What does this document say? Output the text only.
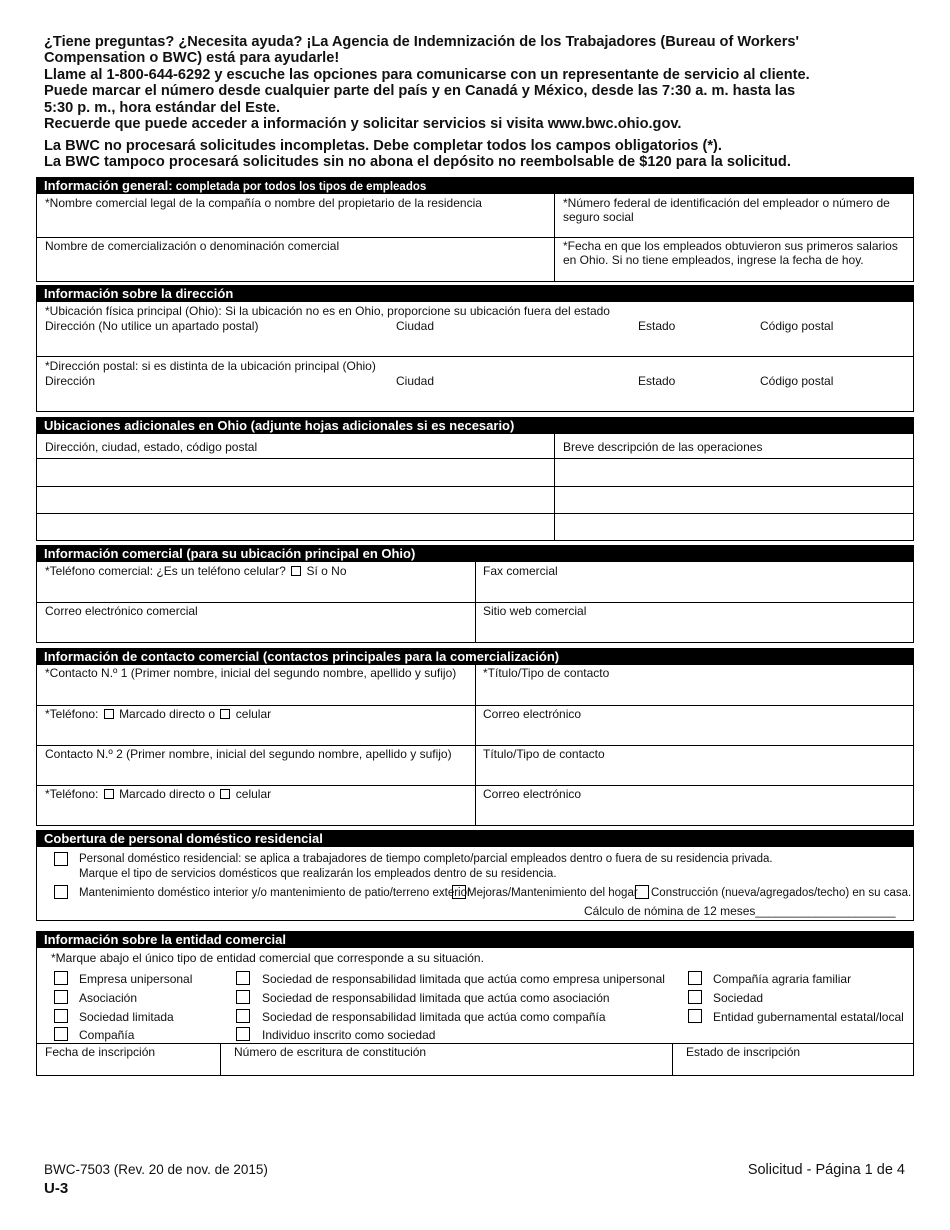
¿Tiene preguntas? ¿Necesita ayuda? ¡La Agencia de Indemnización de los Trabajadores (Bureau of Workers'
Compensation o BWC) está para ayudarle!
Llame al 1-800-644-6292 y escuche las opciones para comunicarse con un representante de servicio al cliente.
Puede marcar el número desde cualquier parte del país y en Canadá y México, desde las 7:30 a. m. hasta las
5:30 p. m., hora estándar del Este.
Recuerde que puede acceder a información y solicitar servicios si visita www.bwc.ohio.gov.
La BWC no procesará solicitudes incompletas. Debe completar todos los campos obligatorios (*).
La BWC tampoco procesará solicitudes sin no abona el depósito no reembolsable de $120 para la solicitud.
Información general: completada por todos los tipos de empleados
*Nombre comercial legal de la compañía o nombre del propietario de la residencia	*Número federal de identificación del empleador o número de seguro social
Nombre de comercialización o denominación comercial	*Fecha en que los empleados obtuvieron sus primeros salarios en Ohio. Si no tiene empleados, ingrese la fecha de hoy.
Información sobre la dirección
*Ubicación física principal (Ohio): Si la ubicación no es en Ohio, proporcione su ubicación fuera del estado
Dirección (No utilice un apartado postal)	Ciudad	Estado	Código postal
*Dirección postal: si es distinta de la ubicación principal (Ohio)
Dirección	Ciudad	Estado	Código postal
Ubicaciones adicionales en Ohio (adjunte hojas adicionales si es necesario)
Dirección, ciudad, estado, código postal	Breve descripción de las operaciones
Información comercial (para su ubicación principal en Ohio)
*Teléfono comercial: ¿Es un teléfono celular? Sí o No	Fax comercial
Correo electrónico comercial	Sitio web comercial
Información de contacto comercial (contactos principales para la comercialización)
*Contacto N.º 1 (Primer nombre, inicial del segundo nombre, apellido y sufijo) *Título/Tipo de contacto
*Teléfono: Marcado directo o celular	Correo electrónico
Contacto N.º 2 (Primer nombre, inicial del segundo nombre, apellido y sufijo)	Título/Tipo de contacto
*Teléfono: Marcado directo o celular	Correo electrónico
Cobertura de personal doméstico residencial
Personal doméstico residencial: se aplica a trabajadores de tiempo completo/parcial empleados dentro o fuera de su residencia privada.
Marque el tipo de servicios domésticos que realizarán los empleados dentro de su residencia.
Mantenimiento doméstico interior y/o mantenimiento de patio/terreno exterior
Mejoras/Mantenimiento del hogar Construcción (nueva/agregados/techo) en su casa.
Cálculo de nómina de 12 meses_____________________
Información sobre la entidad comercial
*Marque abajo el único tipo de entidad comercial que corresponde a su situación.
Empresa unipersonal
Asociación
Sociedad limitada
Compañía
Sociedad de responsabilidad limitada que actúa como empresa unipersonal
Sociedad de responsabilidad limitada que actúa como asociación
Sociedad de responsabilidad limitada que actúa como compañía
Individuo inscrito como sociedad
Compañía agraria familiar
Sociedad
Entidad gubernamental estatal/local
Fecha de inscripción	Número de escritura de constitución	Estado de inscripción
BWC-7503 (Rev. 20 de nov. de 2015)
U-3
Solicitud - Página 1 de 4
